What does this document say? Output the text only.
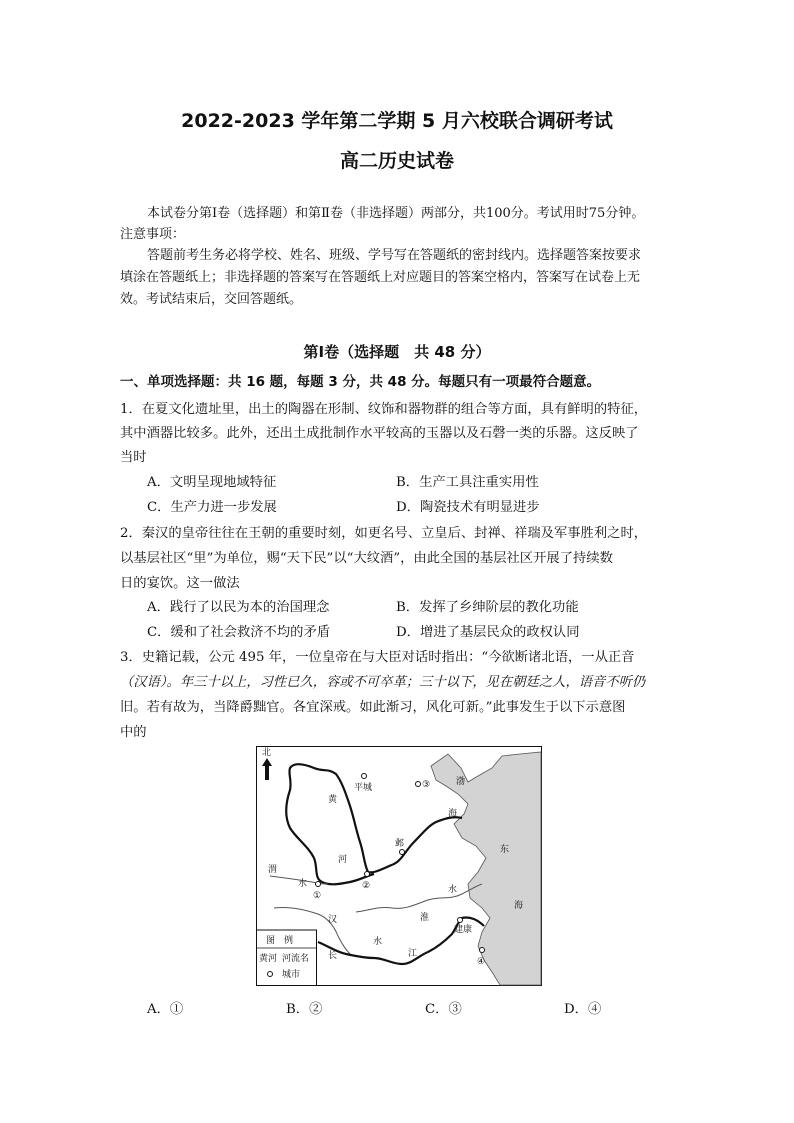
2022-2023 学年第二学期 5 月六校联合调研考试
高二历史试卷
本试卷分第Ⅰ卷（选择题）和第Ⅱ卷（非选择题）两部分，共100分。考试用时75分钟。
注意事项：
答题前考生务必将学校、姓名、班级、学号写在答题纸的密封线内。选择题答案按要求
填涂在答题纸上；非选择题的答案写在答题纸上对应题目的答案空格内，答案写在试卷上无
效。考试结束后，交回答题纸。
第Ⅰ卷（选择题　共 48 分）
一、单项选择题：共 16 题，每题 3 分，共 48 分。每题只有一项最符合题意。
1．在夏文化遗址里，出土的陶器在形制、纹饰和器物群的组合等方面，具有鲜明的特征，
其中酒器比较多。此外，还出土成批制作水平较高的玉器以及石磬一类的乐器。这反映了
当时
A．文明呈现地域特征	B．生产工具注重实用性
C．生产力进一步发展	D．陶瓷技术有明显进步
2．秦汉的皇帝往往在王朝的重要时刻，如更名号、立皇后、封禅、祥瑞及军事胜利之时，
以基层社区“里”为单位，赐“天下民”以“大纹酒”，由此全国的基层社区开展了持续数
日的宴饮。这一做法
A．践行了以民为本的治国理念	B．发挥了乡绅阶层的教化功能
C．缓和了社会救济不均的矛盾	D．增进了基层民众的政权认同
3．史籍记载，公元 495 年，一位皇帝在与大臣对话时指出：“今欲断诸北语，一从正音
（汉语）。年三十以上，习性已久，容或不可卒革；三十以下，见在朝廷之人，语音不听仍
旧。若有故为，当降爵黜官。各宜深戒。如此渐习，风化可新。”此事发生于以下示意图
中的
北
图　例
黄河 河流名
城市
平城	③
邺
①
②
建康
④
渤
海
东
海
黄
河
渭
水
淮
水
汉
水
长	江
A．①	B．②	C．③	D．④
